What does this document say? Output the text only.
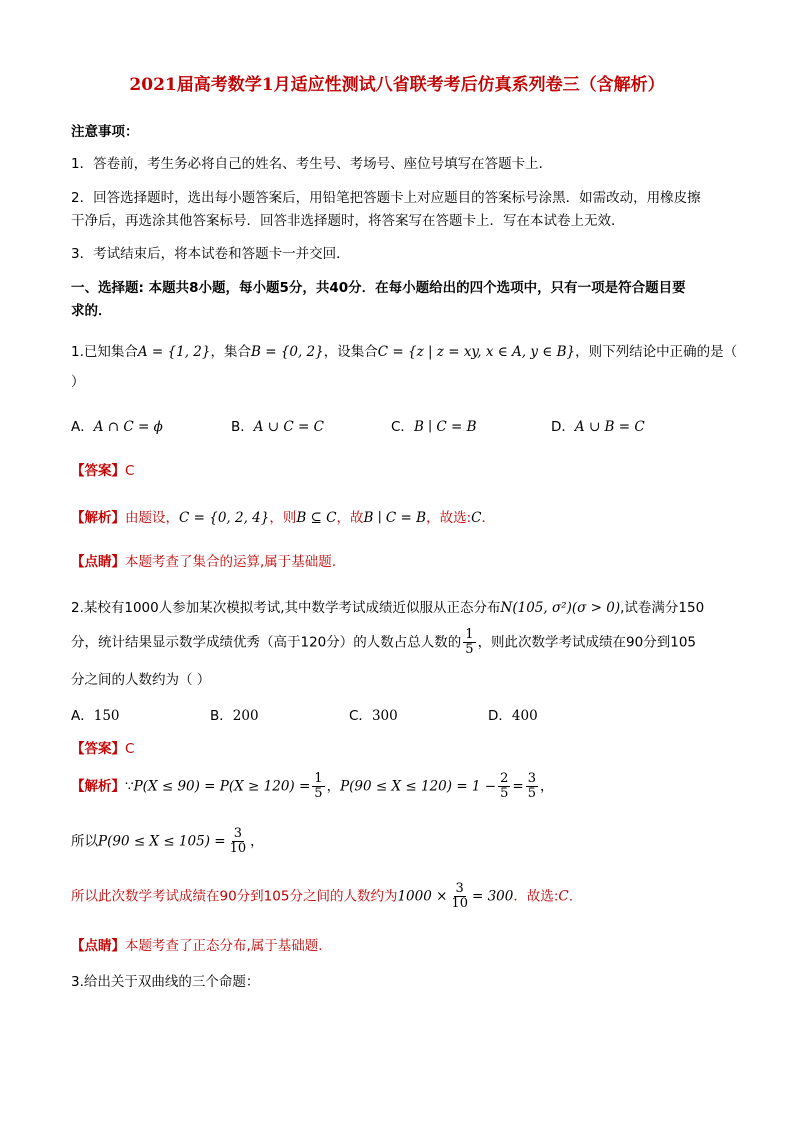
2021届高考数学1月适应性测试八省联考考后仿真系列卷三（含解析）
注意事项：
1．答卷前，考生务必将自己的姓名、考生号、考场号、座位号填写在答题卡上．
2．回答选择题时，选出每小题答案后，用铅笔把答题卡上对应题目的答案标号涂黑．如需改动，用橡皮擦
干净后，再选涂其他答案标号．回答非选择题时，将答案写在答题卡上．写在本试卷上无效．
3．考试结束后，将本试卷和答题卡一并交回．
一、选择题: 本题共8小题，每小题5分，共40分．在每小题给出的四个选项中，只有一项是符合题目要
求的．
1.已知集合A = {1, 2}，集合B = {0, 2}，设集合C = {z | z = xy, x ∈ A, y ∈ B}，则下列结论中正确的是（
）
A．A ∩ C = ϕ	B．A ∪ C = C	C．B ∣ C = B	D．A ∪ B = C
【答案】C
【解析】由题设，C = {0, 2, 4}，则B ⊆ C，故B ∣ C = B，故选:C．
【点睛】本题考查了集合的运算,属于基础题.
2.某校有1000人参加某次模拟考试,其中数学考试成绩近似服从正态分布N(105, σ²)(σ > 0),试卷满分150
分，统计结果显示数学成绩优秀（高于120分）的人数占总人数的 $\frac{1}{5}$ ，则此次数学考试成绩在90分到105
分之间的人数约为（ ）
A．150	B．200	C．300	D．400
【答案】C
【解析】∵P(X ≤ $90) = P(X \ge 120) = \frac{1}{5}$ ，$P(90 \le X \le 120) = 1 - \frac{2}{5} = \frac{3}{5}$ ，
所以$P(90 \le X \le 105) = \frac{3}{10}$ ，
所以此次数学考试成绩在90分到105分之间的人数约为$1000 \times \frac{3}{10} = 300$．故选:C.
【点睛】本题考查了正态分布,属于基础题.
3.给出关于双曲线的三个命题：
